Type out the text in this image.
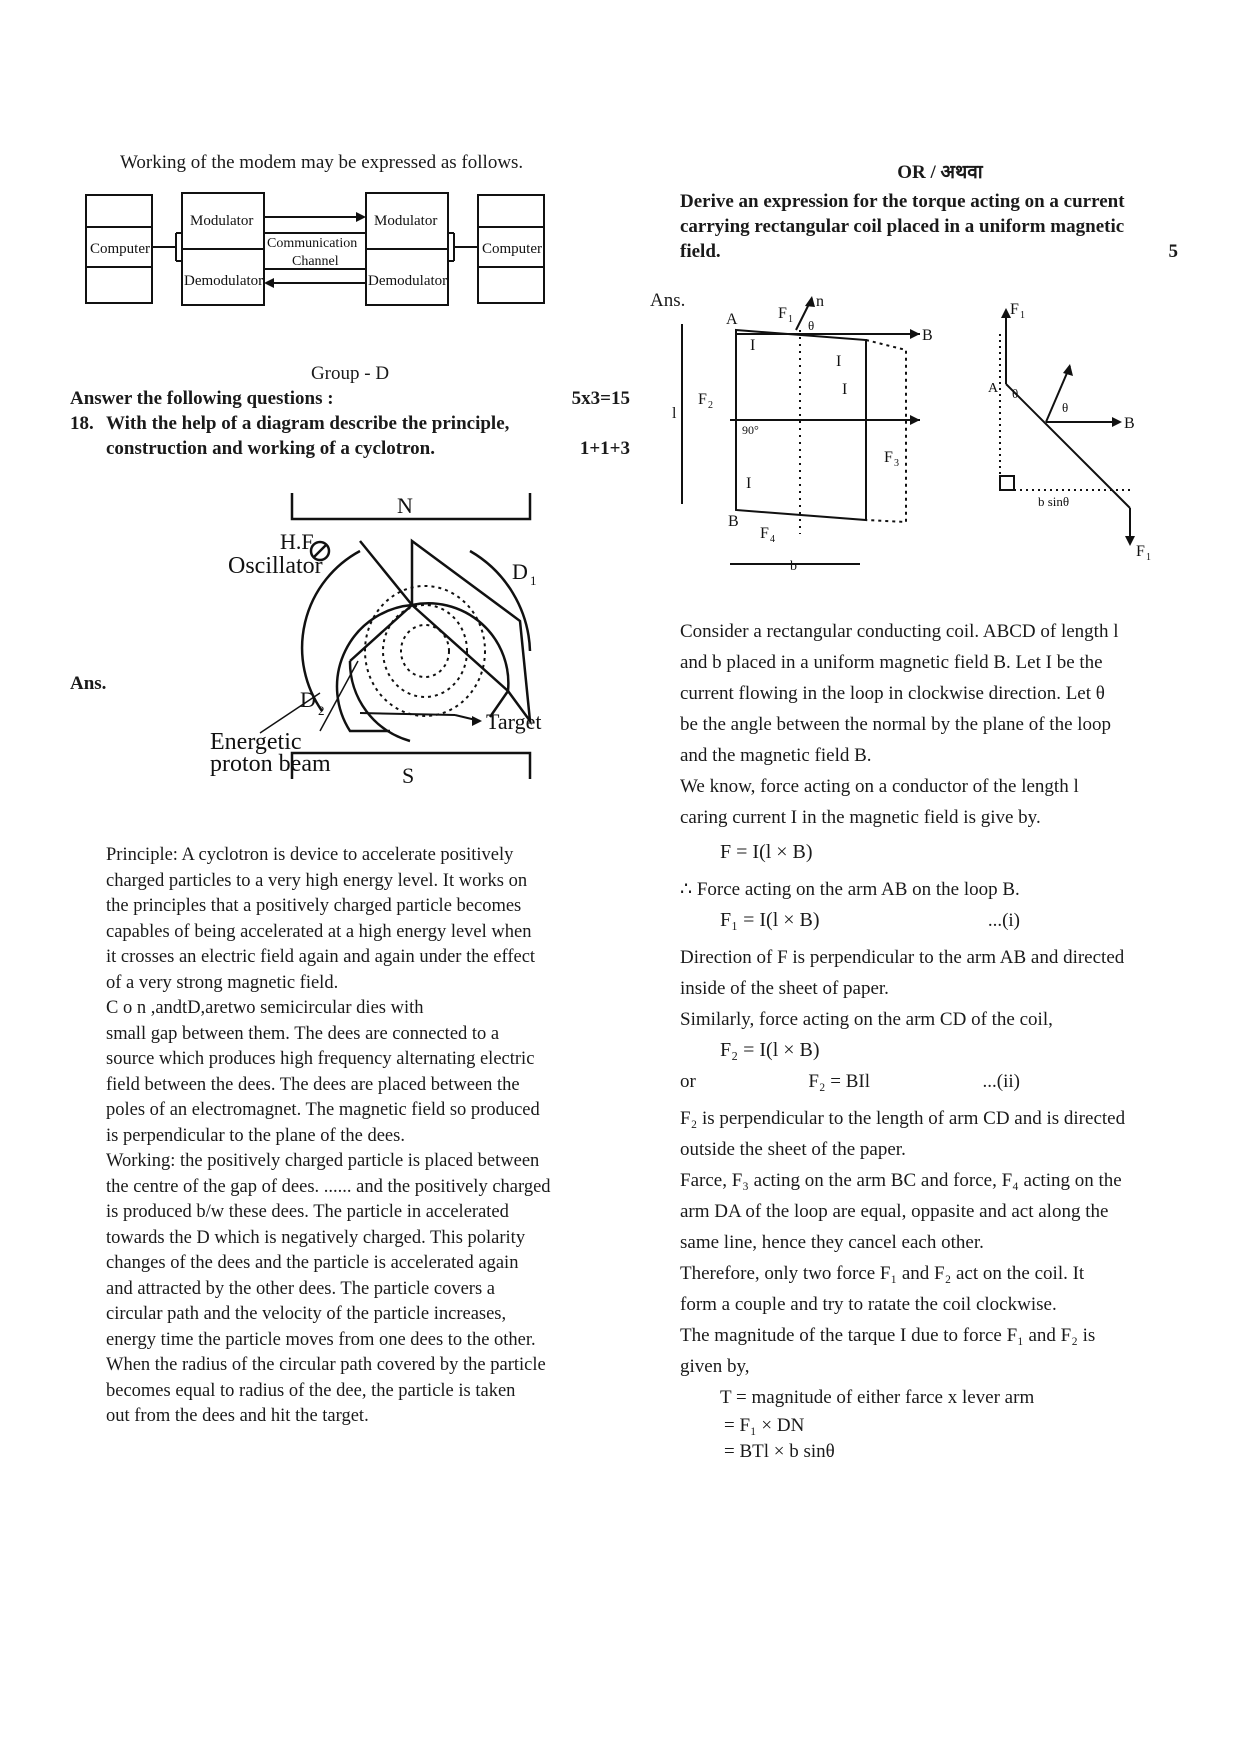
Working of the modem may be expressed as follows.

Computer
Modulator
Demodulator
Communication
Channel
Modulator
Demodulator
Computer

Group - D

Answer the following questions :	5x3=15
18. With the help of a diagram describe the principle,
construction and working of a cyclotron.	1+1+3
Ans.
N
S
H.F
Oscillator	D 1
D 2	Target
Energetic
proton beam
Principle: A cyclotron is device to accelerate positively
charged particles to a very high energy level. It works on
the principles that a positively charged particle becomes
capables of being accelerated at a high energy level when
it crosses an electric field again and again under the effect
of a very strong magnetic field.
C o n ,andtD,aretwo semicircular dies with
small gap between them. The dees are connected to a
source which produces high frequency alternating electric
field between the dees. The dees are placed between the
poles of an electromagnet. The magnetic field so produced
is perpendicular to the plane of the dees.
Working: the positively charged particle is placed between
the centre of the gap of dees. ...... and the positively charged
is produced b/w these dees. The particle in accelerated
towards the D which is negatively charged. This polarity
changes of the dees and the particle is accelerated again
and attracted by the other dees. The particle covers a
circular path and the velocity of the particle increases,
energy time the particle moves from one dees to the other.
When the radius of the circular path covered by the particle
becomes equal to radius of the dee, the particle is taken
out from the dees and hit the target.

OR / अथवा

Derive an expression for the torque acting on a current

carrying rectangular coil placed in a uniform magnetic

field.	5
Ans.
A
B
I
I
I
I
F 1
n
θ
B
90°
F 2
F 3
F 4
l
b
F 1
A θ
θ
B
b sinθ
F 1
Consider a rectangular conducting coil. ABCD of length l
and b placed in a uniform magnetic field B. Let I be the
current flowing in the loop in clockwise direction. Let θ
be the angle between the normal by the plane of the loop
and the magnetic field B.
We know, force acting on a conductor of the length l
caring current I in the magnetic field is give by.
F = I(l × B)
∴ Force acting on the arm AB on the loop B.
F₁ = I(l × B)	...(i)
Direction of F is perpendicular to the arm AB and directed
inside of the sheet of paper.
Similarly, force acting on the arm CD of the coil,
F₂ = I(l × B)
or	F₂ = BIl	...(ii)
F₂ is perpendicular to the length of arm CD and is directed
outside the sheet of the paper.
Farce, F₃ acting on the arm BC and force, F₄ acting on the
arm DA of the loop are equal, oppasite and act along the
same line, hence they cancel each other.
Therefore, only two force F₁ and F₂ act on the coil. It
form a couple and try to ratate the coil clockwise.
The magnitude of the tarque I due to force F₁ and F₂ is
given by,
T = magnitude of either farce x lever arm
= F₁ × DN
= BTl × b sinθ
